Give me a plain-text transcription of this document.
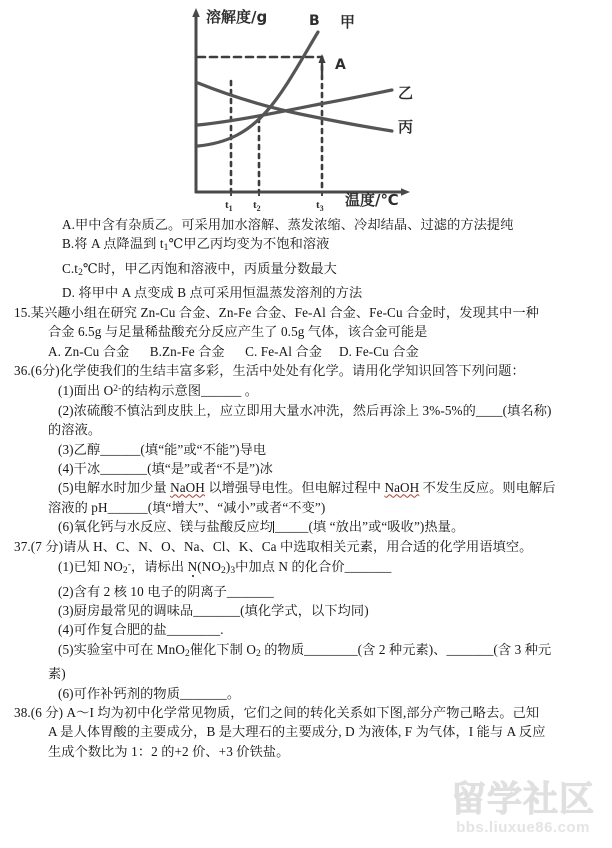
溶解度/g
温度/℃
B
A
甲
乙
丙
$t_1$ $t_2$	$t_3$
A.甲中含有杂质乙。可采用加水溶解、蒸发浓缩、冷却结晶、过滤的方法提纯
B.将 A 点降温到 $t_1℃$甲乙丙均变为不饱和溶液
$C.t_2℃$时，甲乙丙饱和溶液中，丙质量分数最大
D. 将甲中 A 点变成 B 点可采用恒温蒸发溶剂的方法
15.某兴趣小组在研究 Zn-Cu 合金、Zn-Fe 合金、Fe-Al 合金、Fe-Cu 合金时，发现其中一种
合金 6.5g 与足量稀盐酸充分反应产生了 0.5g 气体，该合金可能是
A. Zn-Cu 合金      B.Zn-Fe 合金      C. Fe-Al 合金     D. Fe-Cu 合金
36.(6分)化学使我们的生结丰富多彩，生活中处处有化学。请用化学知识回答下列问题：
(1)面出 $O^{2-}$的结构示意图______ 。
(2)浓硫酸不慎沾到皮肤上，应立即用大量水冲洗，然后再涂上 3%-5%的____(填名称)
的溶液。
(3)乙醇______(填“能”或“不能”)导电
(4)干冰_______(填“是”或者“不是”)冰
(5)电解水时加少量 NaOH 以增强导电性。但电解过程中 NaOH 不发生反应。则电解后
溶液的 pH______(填“增大”、“减小”或者“不变”)
(6)氧化钙与水反应、镁与盐酸反应均 _____(填 “放出”或“吸收”)热量。
37.(7 分)请从 H、C、N、O、Na、Cl、K、Ca 中选取相关元素，用合适的化学用语填空。
(1)已知 $NO_2^-$，请标出 $N(NO_2)_3$中加点 N 的化合价_______
(2)含有 2 核 10 电子的阴离子_______
(3)厨房最常见的调味品_______(填化学式，以下均同)
(4)可作复合肥的盐________.
(5)实验室中可在 MnO$_2$催化下制 $O_2$ 的物质________(含 2 种元素)、_______(含 3 种元
素)
(6)可作补钙剂的物质_______。
38.(6 分) A～I 均为初中化学常见物质，它们之间的转化关系如下图,部分产物己略去。己知
A 是人体胃酸的主要成分，B 是大理石的主要成分, D 为液体, F 为气体，I 能与 A 反应
生成个数比为 1：2 的+2 价、+3 价铁盐。
留学社区
bbs.liuxue86.com
